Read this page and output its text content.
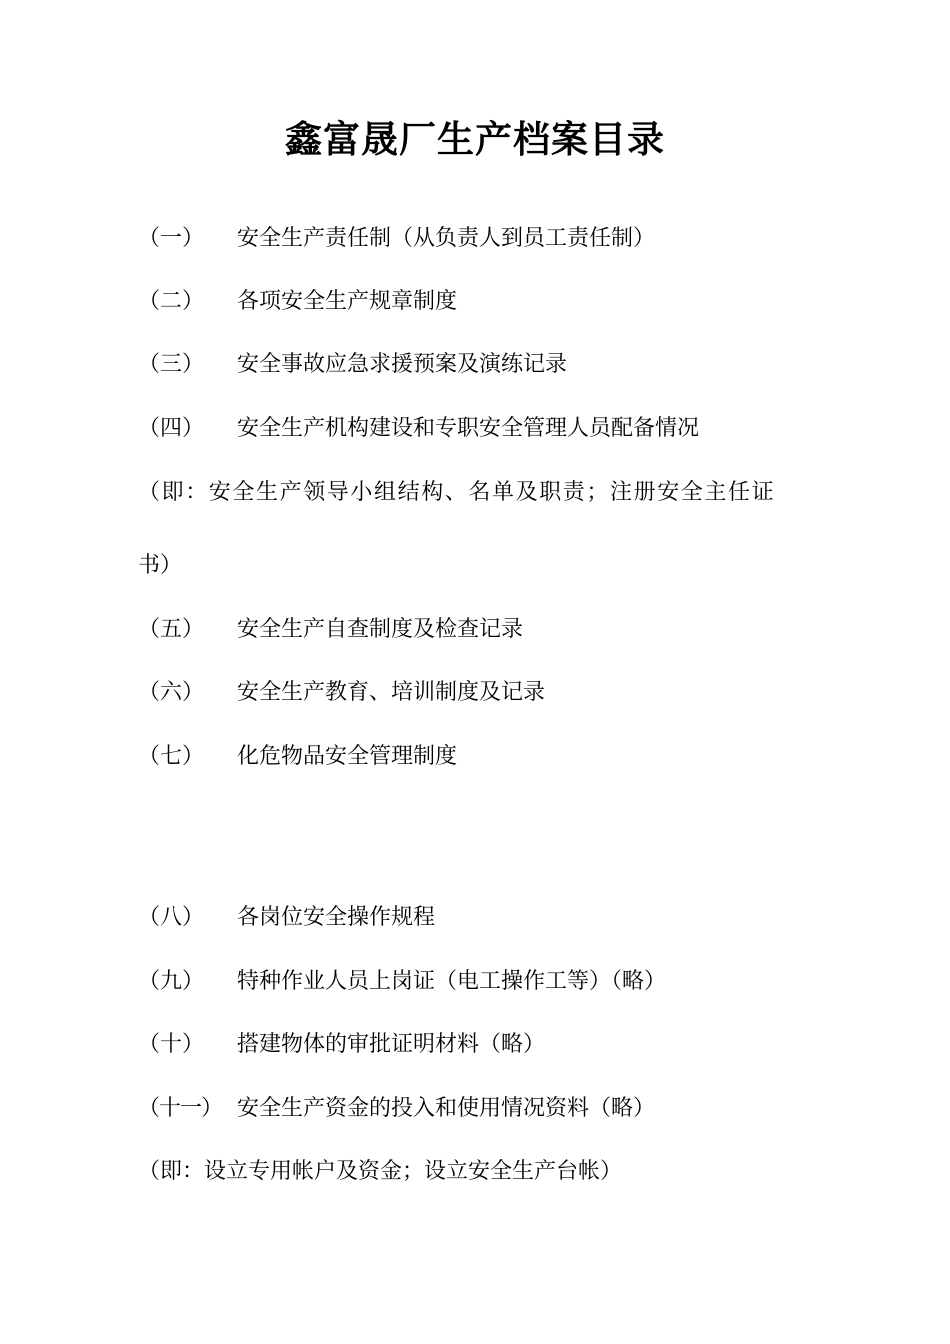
鑫富晟厂生产档案目录
（一） 安全生产责任制（从负责人到员工责任制）
（二） 各项安全生产规章制度
（三） 安全事故应急求援预案及演练记录
（四） 安全生产机构建设和专职安全管理人员配备情况
（即：安全生产领导小组结构、名单及职责；注册安全主任证
书）
（五） 安全生产自查制度及检查记录
（六） 安全生产教育、培训制度及记录
（七） 化危物品安全管理制度
（八） 各岗位安全操作规程
（九） 特种作业人员上岗证（电工操作工等）（略）
（十） 搭建物体的审批证明材料（略）
（十一） 安全生产资金的投入和使用情况资料（略）
（即：设立专用帐户及资金；设立安全生产台帐）
